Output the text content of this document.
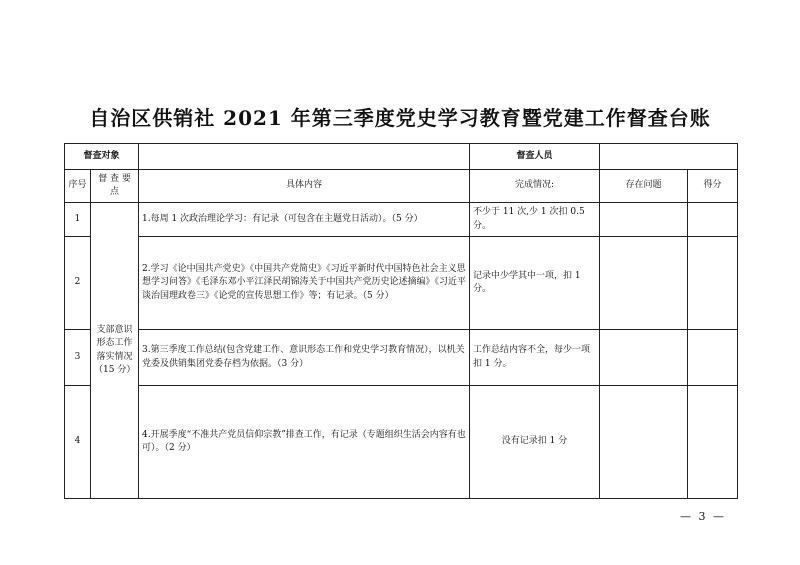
自治区供销社 2021 年第三季度党史学习教育暨党建工作督查台账
督查对象			督查人员		
序号	督 查 要 点	具体内容	完成情况:	存在问题	得分
1	支部意识形态工作落实情况（15 分）	1.每周 1 次政治理论学习：有记录（可包含在主题党日活动）。（5 分）	不少于 11 次,少 1 次扣 0.5 分。		
2		2.学习《论中国共产党史》《中国共产党简史》《习近平新时代中国特色社会主义思想学习问答》《毛泽东邓小平江泽民胡锦涛关于中国共产党历史论述摘编》《习近平谈治国理政卷三》《论党的宣传思想工作》等；有记录。（5 分）	记录中少学其中一项，扣 1 分。		
3		3.第三季度工作总结(包含党建工作、意识形态工作和党史学习教育情况），以机关党委及供销集团党委存档为依据。（3 分）	工作总结内容不全，每少一项扣 1 分。		
4		4.开展季度“不准共产党员信仰宗教”排查工作，有记录（专题组织生活会内容有也可）。（2 分）	没有记录扣 1 分		
— 3 —
